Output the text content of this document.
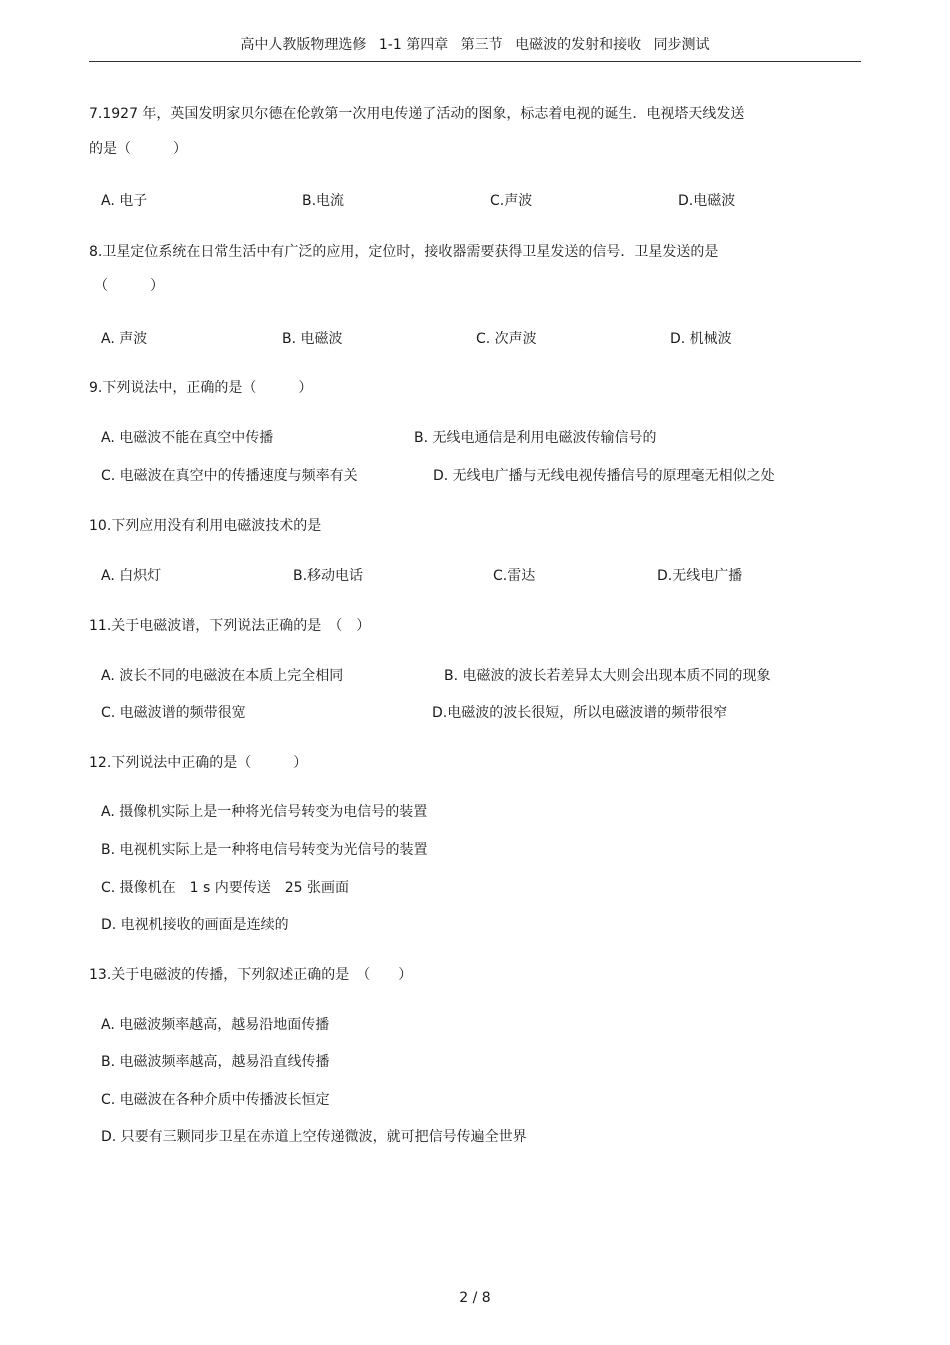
高中人教版物理选修 1-1 第四章 第三节 电磁波的发射和接收 同步测试
7.1927 年，英国发明家贝尔德在伦敦第一次用电传递了活动的图象，标志着电视的诞生．电视塔天线发送
的是（　　　）
A. 电子	B.电流	C.声波	D.电磁波
8.卫星定位系统在日常生活中有广泛的应用，定位时，接收器需要获得卫星发送的信号．卫星发送的是
（　　　）
A. 声波	B. 电磁波	C. 次声波	D. 机械波
9.下列说法中，正确的是（　　　）
A. 电磁波不能在真空中传播	B. 无线电通信是利用电磁波传输信号的
C. 电磁波在真空中的传播速度与频率有关	D. 无线电广播与无线电视传播信号的原理毫无相似之处
10.下列应用没有利用电磁波技术的是
A. 白炽灯	B.移动电话	C.雷达	D.无线电广播
11.关于电磁波谱，下列说法正确的是　（　）
A. 波长不同的电磁波在本质上完全相同	B. 电磁波的波长若差异太大则会出现本质不同的现象
C. 电磁波谱的频带很宽	D.电磁波的波长很短，所以电磁波谱的频带很窄
12.下列说法中正确的是（　　　）
A. 摄像机实际上是一种将光信号转变为电信号的装置
B. 电视机实际上是一种将电信号转变为光信号的装置
C. 摄像机在　1 s 内要传送　25 张画面
D. 电视机接收的画面是连续的
13.关于电磁波的传播，下列叙述正确的是　（　　）
A. 电磁波频率越高，越易沿地面传播
B. 电磁波频率越高，越易沿直线传播
C. 电磁波在各种介质中传播波长恒定
D. 只要有三颗同步卫星在赤道上空传递微波，就可把信号传遍全世界
2 / 8
